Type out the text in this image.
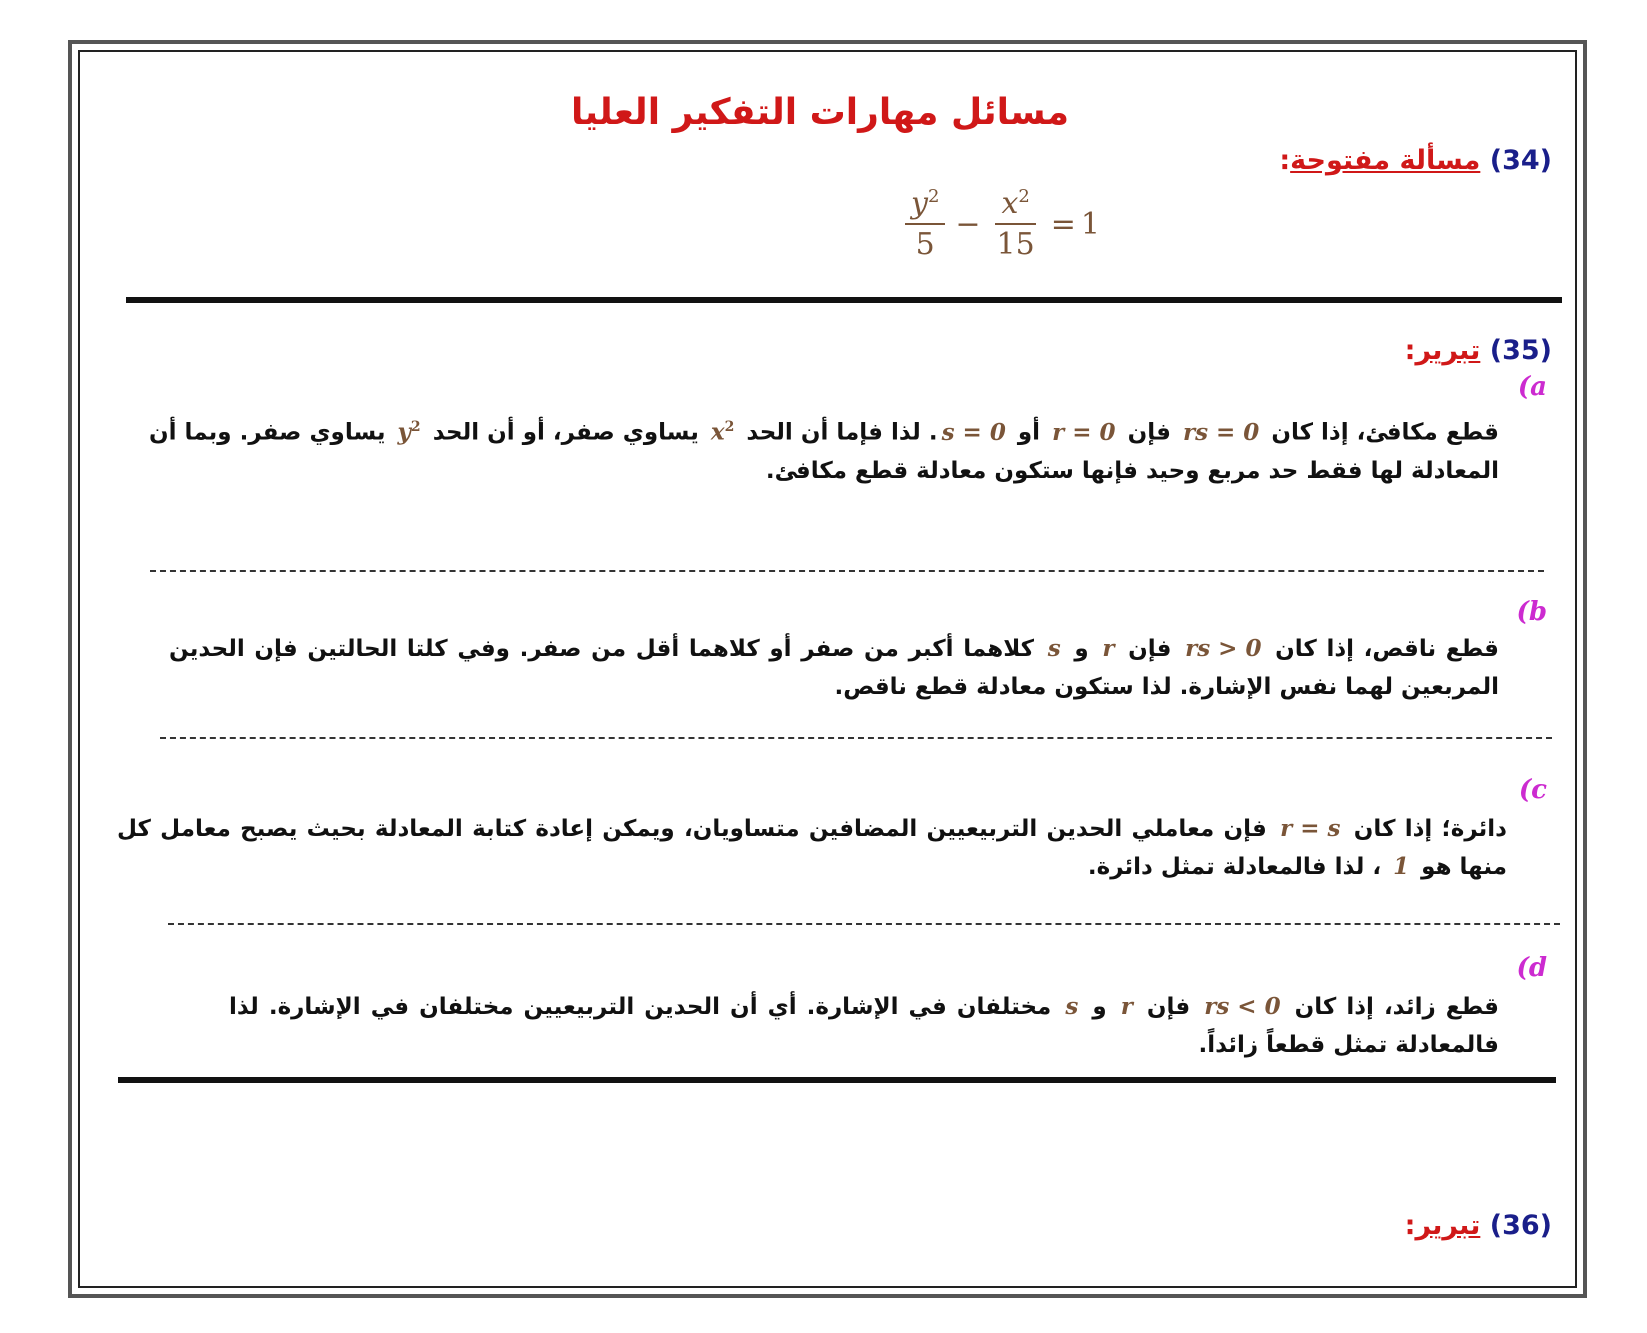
مسائل مهارات التفكير العليا
(34) مسألة مفتوحة:
$\frac{y^2}{5} - \frac{x^2}{15} = 1$
(35) تبرير:
(a
قطع مكافئ، إذا كان rs = 0 فإن r = 0 أو s = 0. لذا فإما أن الحد $x^2$ يساوي صفر، أو أن الحد $y^2$ يساوي صفر. وبما أن المعادلة لها فقط حد مربع وحيد فإنها ستكون معادلة قطع مكافئ.
(b
قطع ناقص، إذا كان rs > 0 فإن r و s كلاهما أكبر من صفر أو كلاهما أقل من صفر. وفي كلتا الحالتين فإن الحدين المربعين لهما نفس الإشارة. لذا ستكون معادلة قطع ناقص.
(c
دائرة؛ إذا كان r = s فإن معاملي الحدين التربيعيين المضافين متساويان، ويمكن إعادة كتابة المعادلة بحيث يصبح معامل كل منها هو 1 ، لذا فالمعادلة تمثل دائرة.
(d
قطع زائد، إذا كان rs < 0 فإن r و s مختلفان في الإشارة. أي أن الحدين التربيعيين مختلفان في الإشارة. لذا فالمعادلة تمثل قطعاً زائداً.
(36) تبرير:
